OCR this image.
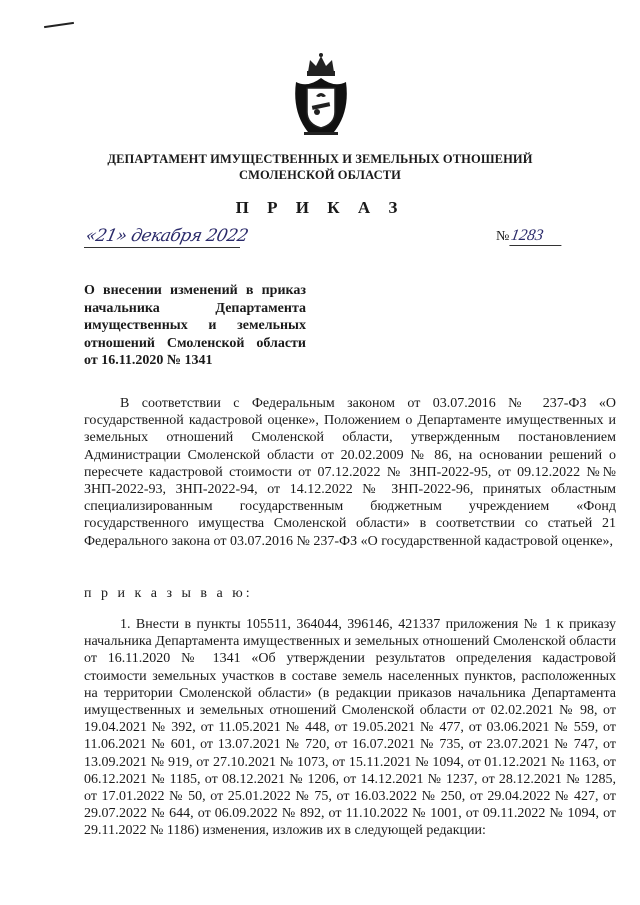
ДЕПАРТАМЕНТ ИМУЩЕСТВЕННЫХ И ЗЕМЕЛЬНЫХ ОТНОШЕНИЙ
СМОЛЕНСКОЙ ОБЛАСТИ
П Р И К А З
«21» декабря 2022	№1283
О внесении изменений в приказ начальника Департамента имущественных и земельных отношений Смоленской области от 16.11.2020 № 1341
В соответствии с Федеральным законом от 03.07.2016 № 237-ФЗ «О государственной кадастровой оценке», Положением о Департаменте имущественных и земельных отношений Смоленской области, утвержденным постановлением Администрации Смоленской области от 20.02.2009 № 86, на основании решений о пересчете кадастровой стоимости от 07.12.2022 № ЗНП-2022-95, от 09.12.2022 №№ ЗНП-2022-93, ЗНП-2022-94, от 14.12.2022 № ЗНП-2022-96, принятых областным специализированным государственным бюджетным учреждением «Фонд государственного имущества Смоленской области» в соответствии со статьей 21 Федерального закона от 03.07.2016 № 237-ФЗ «О государственной кадастровой оценке»,
п р и к а з ы в а ю:
1. Внести в пункты 105511, 364044, 396146, 421337 приложения № 1 к приказу начальника Департамента имущественных и земельных отношений Смоленской области от 16.11.2020 № 1341 «Об утверждении результатов определения кадастровой стоимости земельных участков в составе земель населенных пунктов, расположенных на территории Смоленской области» (в редакции приказов начальника Департамента имущественных и земельных отношений Смоленской области от 02.02.2021 № 98, от 19.04.2021 № 392, от 11.05.2021 № 448, от 19.05.2021 № 477, от 03.06.2021 № 559, от 11.06.2021 № 601, от 13.07.2021 № 720, от 16.07.2021 № 735, от 23.07.2021 № 747, от 13.09.2021 № 919, от 27.10.2021 № 1073, от 15.11.2021 № 1094, от 01.12.2021 № 1163, от 06.12.2021 № 1185, от 08.12.2021 № 1206, от 14.12.2021 № 1237, от 28.12.2021 № 1285, от 17.01.2022 № 50, от 25.01.2022 № 75, от 16.03.2022 № 250, от 29.04.2022 № 427, от 29.07.2022 № 644, от 06.09.2022 № 892, от 11.10.2022 № 1001, от 09.11.2022 № 1094, от 29.11.2022 № 1186) изменения, изложив их в следующей редакции:
